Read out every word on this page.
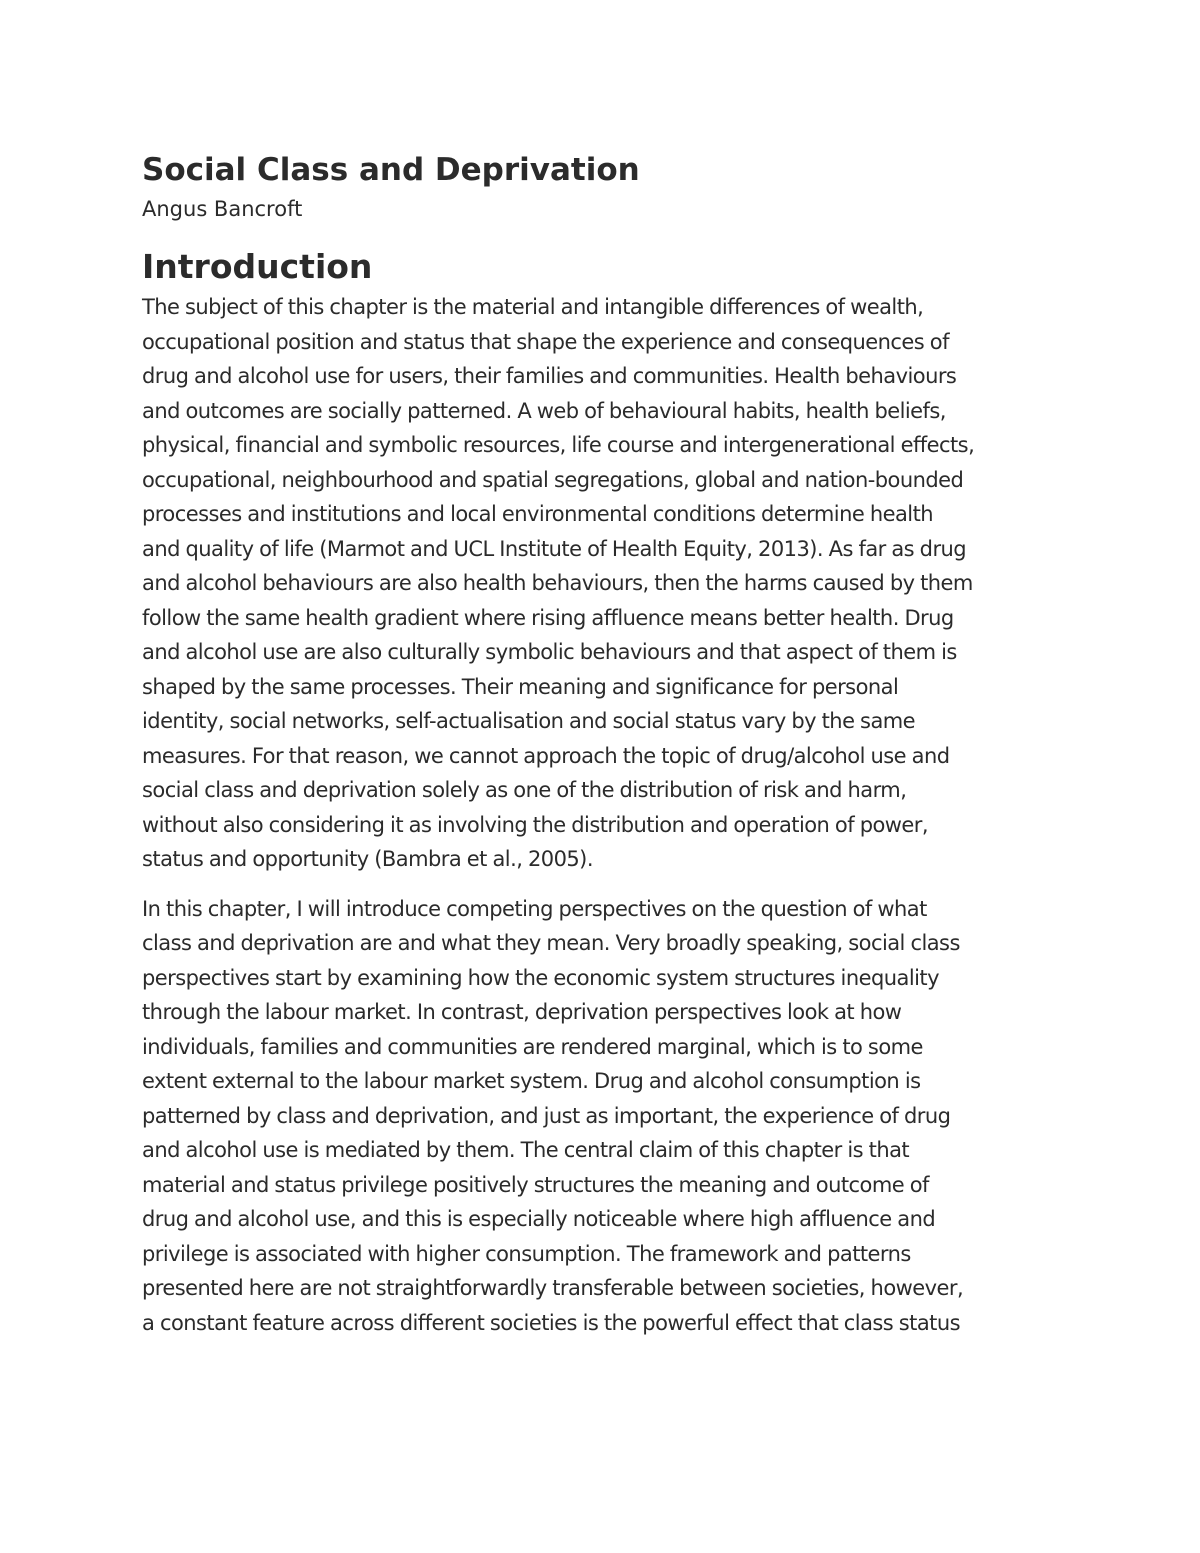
Social Class and Deprivation
Angus Bancroft
Introduction

The subject of this chapter is the material and intangible differences of wealth,
occupational position and status that shape the experience and consequences of
drug and alcohol use for users, their families and communities. Health behaviours
and outcomes are socially patterned. A web of behavioural habits, health beliefs,
physical, financial and symbolic resources, life course and intergenerational effects,
occupational, neighbourhood and spatial segregations, global and nation-bounded
processes and institutions and local environmental conditions determine health
and quality of life (Marmot and UCL Institute of Health Equity, 2013). As far as drug
and alcohol behaviours are also health behaviours, then the harms caused by them
follow the same health gradient where rising affluence means better health. Drug
and alcohol use are also culturally symbolic behaviours and that aspect of them is
shaped by the same processes. Their meaning and significance for personal
identity, social networks, self-actualisation and social status vary by the same
measures. For that reason, we cannot approach the topic of drug/alcohol use and
social class and deprivation solely as one of the distribution of risk and harm,
without also considering it as involving the distribution and operation of power,
status and opportunity (Bambra et al., 2005).

In this chapter, I will introduce competing perspectives on the question of what
class and deprivation are and what they mean. Very broadly speaking, social class
perspectives start by examining how the economic system structures inequality
through the labour market. In contrast, deprivation perspectives look at how
individuals, families and communities are rendered marginal, which is to some
extent external to the labour market system. Drug and alcohol consumption is
patterned by class and deprivation, and just as important, the experience of drug
and alcohol use is mediated by them. The central claim of this chapter is that
material and status privilege positively structures the meaning and outcome of
drug and alcohol use, and this is especially noticeable where high affluence and
privilege is associated with higher consumption. The framework and patterns
presented here are not straightforwardly transferable between societies, however,
a constant feature across different societies is the powerful effect that class status
